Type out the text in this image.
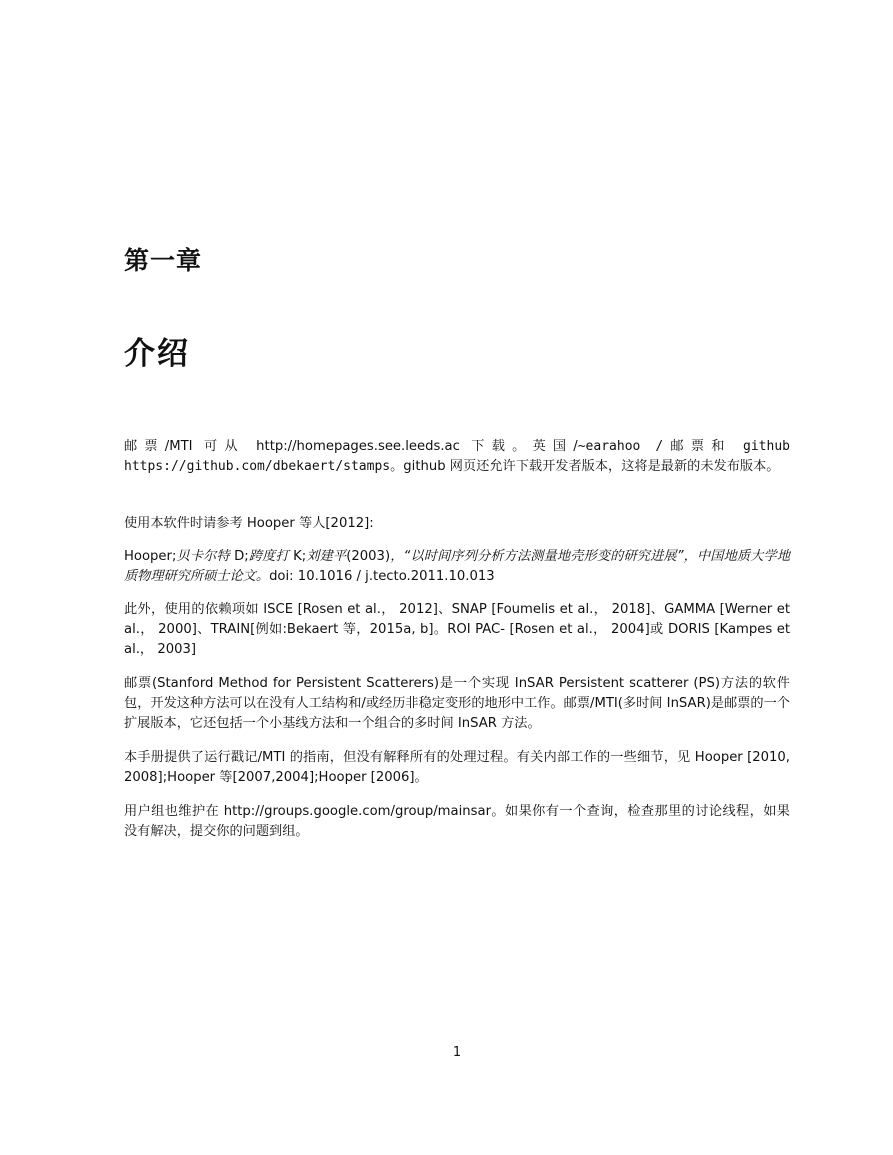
第一章
介绍

邮票/MTI 可从 http://homepages.see.leeds.ac 下载。英国/~earahoo /邮票和 github https://github.com/dbekaert/stamps。github 网页还允许下载开发者版本，这将是最新的未发布版本。

使用本软件时请参考 Hooper 等人[2012]:

Hooper;贝卡尔特 D;跨度打 K;刘建平(2003)，“以时间序列分析方法测量地壳形变的研究进展”，中国地质大学地质物理研究所硕士论文。doi: 10.1016 / j.tecto.2011.10.013

此外，使用的依赖项如 ISCE [Rosen et al.， 2012]、SNAP [Foumelis et al.， 2018]、GAMMA [Werner et al.， 2000]、TRAIN[例如:Bekaert 等，2015a, b]。ROI PAC- [Rosen et al.， 2004]或 DORIS [Kampes et al.， 2003]

邮票(Stanford Method for Persistent Scatterers)是一个实现 InSAR Persistent scatterer (PS)方法的软件包，开发这种方法可以在没有人工结构和/或经历非稳定变形的地形中工作。邮票/MTI(多时间 InSAR)是邮票的一个扩展版本，它还包括一个小基线方法和一个组合的多时间 InSAR 方法。

本手册提供了运行戳记/MTI 的指南，但没有解释所有的处理过程。有关内部工作的一些细节，见 Hooper [2010, 2008];Hooper 等[2007,2004];Hooper [2006]。

用户组也维护在 http://groups.google.com/group/mainsar。如果你有一个查询，检查那里的讨论线程，如果没有解决，提交你的问题到组。

1
